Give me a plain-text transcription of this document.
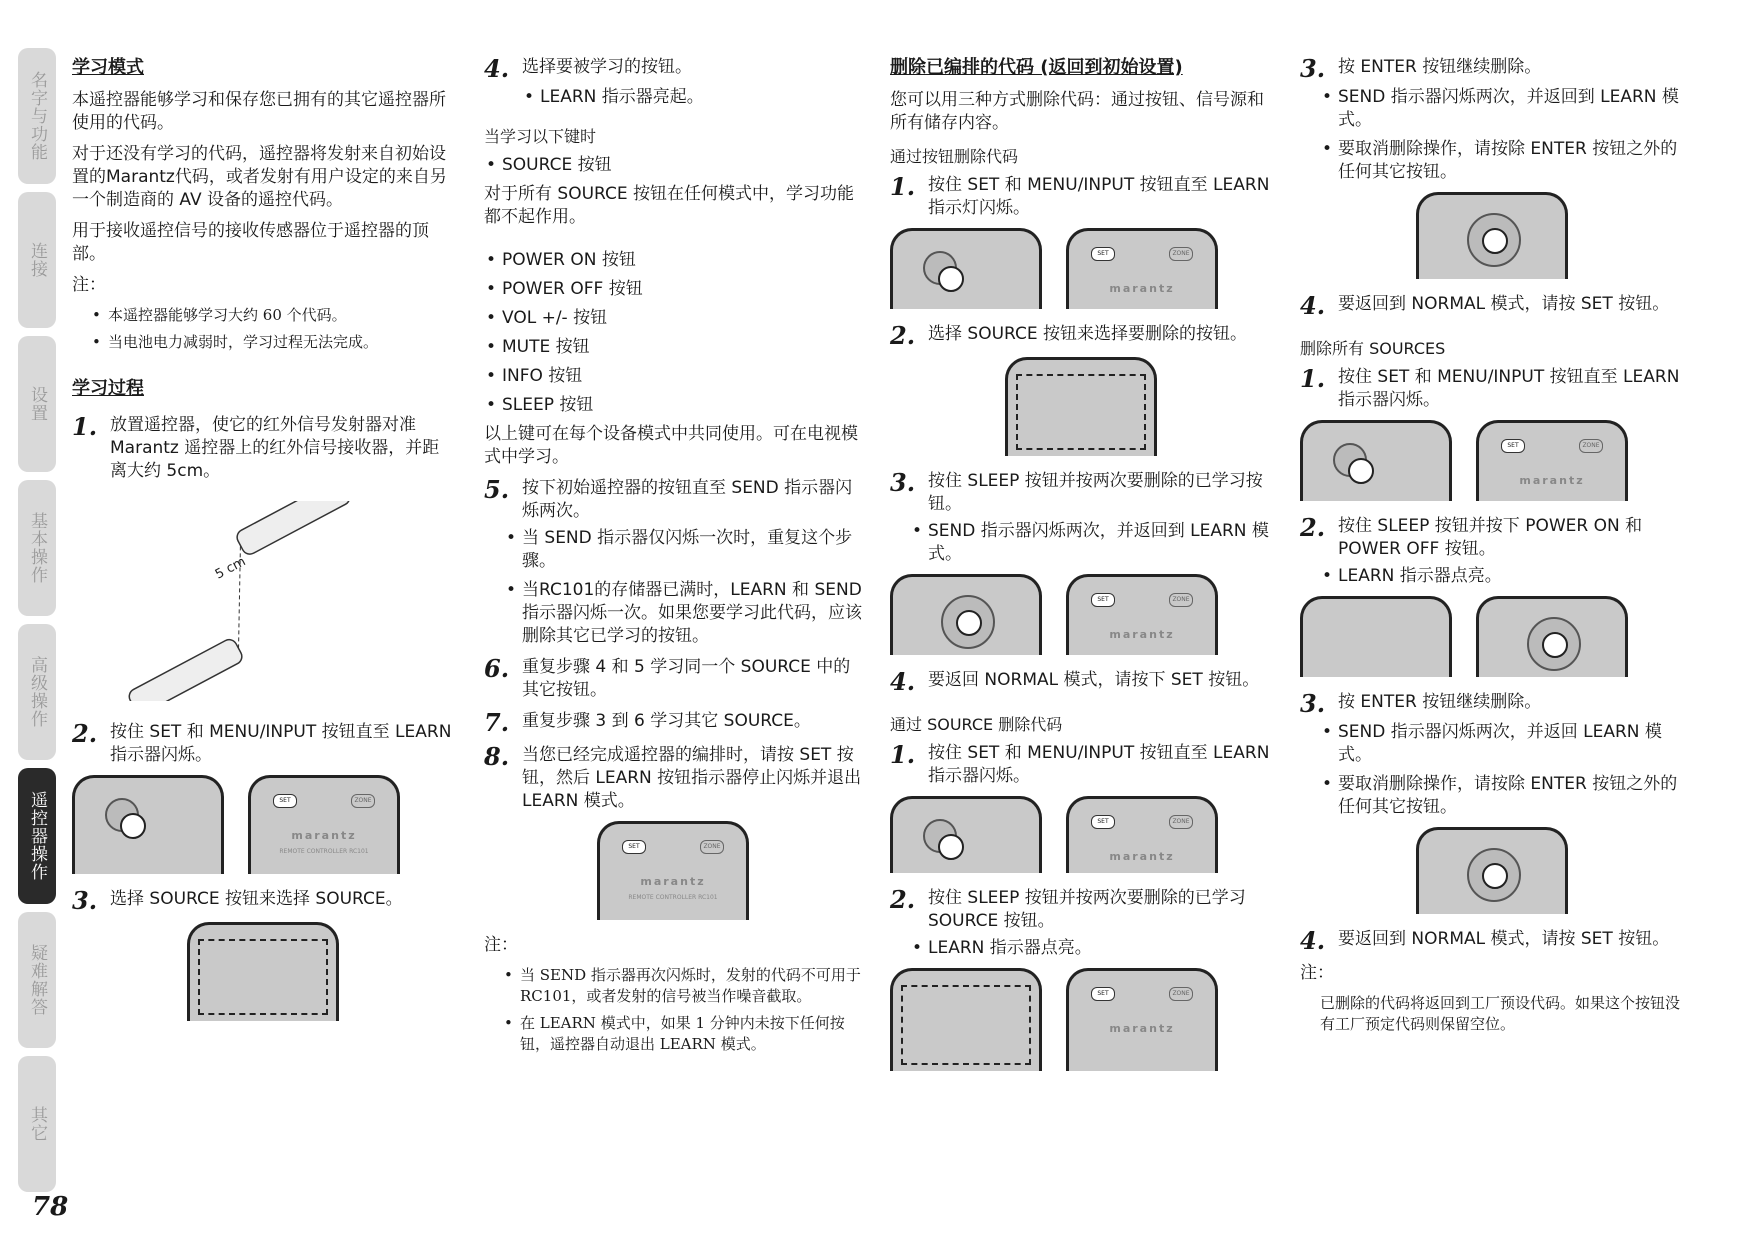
名字与功能
连接
设置
基本操作
高级操作
遥控器操作
疑难解答
其它
78
学习模式
本遥控器能够学习和保存您已拥有的其它遥控器所使用的代码。
对于还没有学习的代码，遥控器将发射来自初始设置的Marantz代码，或者发射有用户设定的来自另一个制造商的 AV 设备的遥控代码。
用于接收遥控信号的接收传感器位于遥控器的顶部。
注：
• 本遥控器能够学习大约 60 个代码。
• 当电池电力减弱时，学习过程无法完成。
学习过程
1. 放置遥控器，使它的红外信号发射器对准 Marantz 遥控器上的红外信号接收器，并距离大约 5cm。
5 cm
2. 按住 SET 和 MENU/INPUT 按钮直至 LEARN 指示器闪烁。
SET	ZONE
marantz
REMOTE CONTROLLER RC101
3. 选择 SOURCE 按钮来选择 SOURCE。
4. 选择要被学习的按钮。
• LEARN 指示器亮起。
当学习以下键时
• SOURCE 按钮
对于所有 SOURCE 按钮在任何模式中，学习功能都不起作用。
• POWER ON 按钮
• POWER OFF 按钮
• VOL +/- 按钮
• MUTE 按钮
• INFO 按钮
• SLEEP 按钮
以上键可在每个设备模式中共同使用。可在电视模式中学习。
5. 按下初始遥控器的按钮直至 SEND 指示器闪烁两次。
• 当 SEND 指示器仅闪烁一次时，重复这个步骤。
• 当RC101的存储器已满时，LEARN 和 SEND 指示器闪烁一次。如果您要学习此代码，应该删除其它已学习的按钮。
6. 重复步骤 4 和 5 学习同一个 SOURCE 中的其它按钮。
7. 重复步骤 3 到 6 学习其它 SOURCE。
8. 当您已经完成遥控器的编排时，请按 SET 按钮，然后 LEARN 按钮指示器停止闪烁并退出 LEARN 模式。
SET	ZONE
marantz
REMOTE CONTROLLER RC101
注：
• 当 SEND 指示器再次闪烁时，发射的代码不可用于 RC101，或者发射的信号被当作噪音截取。
• 在 LEARN 模式中，如果 1 分钟内未按下任何按钮，遥控器自动退出 LEARN 模式。
删除已编排的代码 (返回到初始设置)
您可以用三种方式删除代码：通过按钮、信号源和所有储存内容。
通过按钮删除代码
1. 按住 SET 和 MENU/INPUT 按钮直至 LEARN 指示灯闪烁。
SET	ZONE
marantz
2. 选择 SOURCE 按钮来选择要删除的按钮。
3. 按住 SLEEP 按钮并按两次要删除的已学习按钮。
• SEND 指示器闪烁两次，并返回到 LEARN 模式。
SET	ZONE
marantz
4. 要返回 NORMAL 模式，请按下 SET 按钮。
通过 SOURCE 删除代码
1. 按住 SET 和 MENU/INPUT 按钮直至 LEARN 指示器闪烁。
SET	ZONE
marantz
2. 按住 SLEEP 按钮并按两次要删除的已学习 SOURCE 按钮。
• LEARN 指示器点亮。
SET	ZONE
marantz
3. 按 ENTER 按钮继续删除。
• SEND 指示器闪烁两次，并返回到 LEARN 模式。
• 要取消删除操作，请按除 ENTER 按钮之外的任何其它按钮。
4. 要返回到 NORMAL 模式，请按 SET 按钮。
删除所有 SOURCES
1. 按住 SET 和 MENU/INPUT 按钮直至 LEARN 指示器闪烁。
SET	ZONE
marantz
2. 按住 SLEEP 按钮并按下 POWER ON 和 POWER OFF 按钮。
• LEARN 指示器点亮。
3. 按 ENTER 按钮继续删除。
• SEND 指示器闪烁两次，并返回 LEARN 模式。
• 要取消删除操作，请按除 ENTER 按钮之外的任何其它按钮。
4. 要返回到 NORMAL 模式，请按 SET 按钮。
注：
已删除的代码将返回到工厂预设代码。如果这个按钮没有工厂预定代码则保留空位。
